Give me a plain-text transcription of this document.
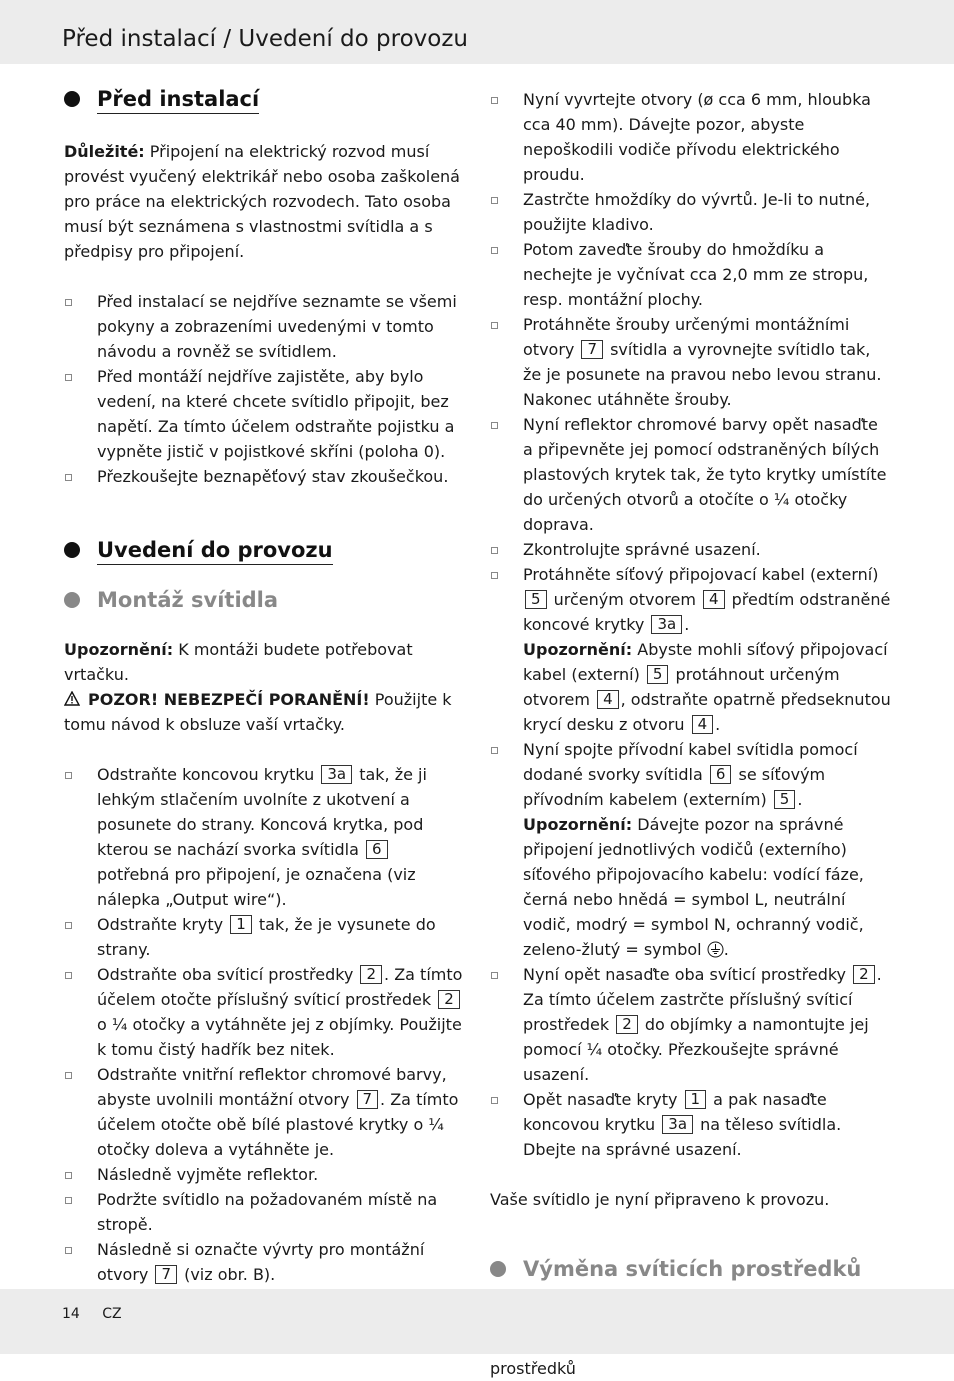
Před instalací / Uvedení do provozu
Před instalací

Důležité: Připojení na elektrický rozvod musí provést vyučený elektrikář nebo osoba zaškolená pro práce na elektrických rozvodech. Tato osoba musí být seznámena s vlastnostmi svítidla a s předpisy pro připojení.

Před instalací se nejdříve seznamte se všemi pokyny a zobrazeními uvedenými v tomto návodu a rovněž se svítidlem.
Před montáží nejdříve zajistěte, aby bylo vedení, na které chcete svítidlo připojit, bez napětí. Za tímto účelem odstraňte pojistku a vypněte jistič v pojistkové skříni (poloha 0).
Přezkoušejte beznapěťový stav zkoušečkou.
Uvedení do provozu
Montáž svítidla

Upozornění: K montáži budete potřebovat vrtačku.

POZOR! NEBEZPEČÍ PORANĚNÍ! Použijte k tomu návod k obsluze vaší vrtačky.

Odstraňte koncovou krytku 3a tak, že ji lehkým stlačením uvolníte z ukotvení a posunete do strany. Koncová krytka, pod kterou se nachází svorka svítidla 6 potřebná pro připojení, je označena (viz nálepka „Output wire“).
Odstraňte kryty 1 tak, že je vysunete do strany.
Odstraňte oba svíticí prostředky 2 . Za tímto účelem otočte příslušný svíticí prostředek 2 o ¼ otočky a vytáhněte jej z objímky. Použijte k tomu čistý hadřík bez nitek.
Odstraňte vnitřní reflektor chromové barvy, abyste uvolnili montážní otvory 7 . Za tímto účelem otočte obě bílé plastové krytky o ¼ otočky doleva a vytáhněte je.
Následně vyjměte reflektor.
Podržte svítidlo na požadovaném místě na stropě.
Následně si označte vývrty pro montážní otvory 7 (viz obr. B).
Nyní vyvrtejte otvory (ø cca 6 mm, hloubka cca 40 mm). Dávejte pozor, abyste nepoškodili vodiče přívodu elektrického proudu.
Zastrčte hmoždíky do vývrtů. Je-li to nutné, použijte kladivo.
Potom zaveďte šrouby do hmoždíku a nechejte je vyčnívat cca 2,0 mm ze stropu, resp. montážní plochy.
Protáhněte šrouby určenými montážními otvory 7 svítidla a vyrovnejte svítidlo tak, že je posunete na pravou nebo levou stranu. Nakonec utáhněte šrouby.
Nyní reflektor chromové barvy opět nasaďte a připevněte jej pomocí odstraněných bílých plastových krytek tak, že tyto krytky umístíte do určených otvorů a otočíte o ¼ otočky doprava.
Zkontrolujte správné usazení.
Protáhněte síťový připojovací kabel (externí) 5 určeným otvorem 4 předtím odstraněné koncové krytky 3a .
Upozornění: Abyste mohli síťový připojovací kabel (externí) 5 protáhnout určeným otvorem 4 , odstraňte opatrně předseknutou krycí desku z otvoru 4 .
Nyní spojte přívodní kabel svítidla pomocí dodané svorky svítidla 6 se síťovým přívodním kabelem (externím) 5 .
Upozornění: Dávejte pozor na správné připojení jednotlivých vodičů (externího) síťového připojovacího kabelu: vodící fáze, černá nebo hnědá = symbol L, neutrální vodič, modrý = symbol N, ochranný vodič, zeleno-žlutý = symbol .
Nyní opět nasaďte oba svíticí prostředky 2 . Za tímto účelem zastrčte příslušný svíticí prostředek 2 do objímky a namontujte jej pomocí ¼ otočky. Přezkoušejte správné usazení.
Opět nasaďte kryty 1 a pak nasaďte koncovou krytku 3a na těleso svítidla. Dbejte na správné usazení.

Vaše svítidlo je nyní připraveno k provozu.

Výměna svíticích prostředků

prostředků

14 CZ
